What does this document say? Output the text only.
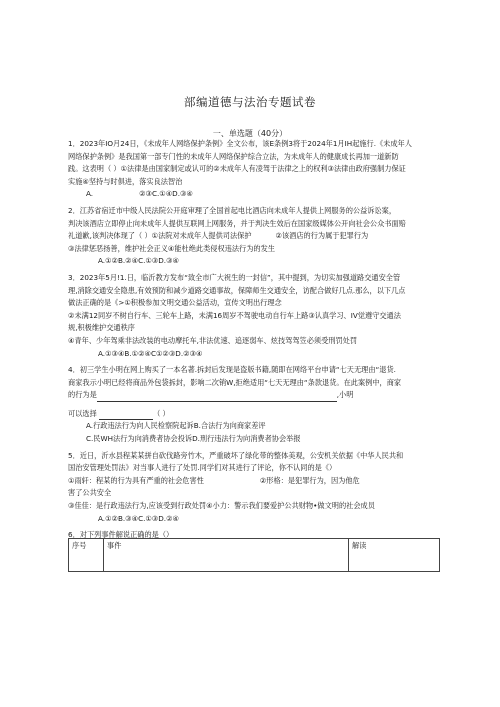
部编道德与法治专题试卷
一、单选题（40分）
1．2023年IO月24日，《未成年人网络保护条例》全文公布，该E条例3将于2024年1月IH起施行.《未成年人
网络保护条例》是我国第一部专门性的未成年人网络保护综合立法，为未成年人的健康成长再加一道新防
践。这表明（ ）①法律是由国家制定或认可的②未成年人有凌驾于法律之上的权利③法律由政府强制力保证
实施④坚持与时俱进，落实良法智治
A.	②③C.①④D.③④
2．江苏省宿迁市中级人民法院公开庭审理了全国首起电比酒店向未成年人提供上网服务的公益诉讼案，
判决该酒店立即停止向未成年人提供互联网上网服务，并于判决生效后在国家级媒体公开向社会公众书面赔
礼道歉,该判决体现了（ ）①法院对未成年人提供司法保护	②该酒店的行为属于犯罪行为
③法律惩恶扬善，维护社会正义④能杜绝此类侵权违法行为的发生
A.①②B.②④C.①③D.③④
3．2023年5月!1.日，临沂教方发布“致全市广大祝生的一封信”，其中提到，为切实加强道路交通安全管
理,消除交通安全隐患,有效预防和减少道路交通事故，保障师生交通安全，访配合做好几点.那么，以下几点
做法正确的是《>①积极参加文明交通公益活动，宣传文明出行理念
②未满12同岁不树自行车、三轮车上路，未满16周岁不驾驶电动自行车上路③认真学习、IV觉遵守交通法
规,积极维护交通秩序
④青年、少年驾乘非法改装的电动摩托车,非法优速、追逐弱车、炫技驾驾笠必须受刑罚处罚
A.①③④B.①②④C①②③D.②③④
4．初三学生小明在网上购买了一本名著.拆封后发现是盗版书籍,随即在网络平台申请“七天无理由“退货.
商家我示小明已经将商品外包袋拆封，影响二次销W,拒绝适用“七天无理由“条款退货。在此案例中，商家
的行为是	,小明
可以选择	（ ）
A.行政违法行为向人民检察院起诉B.合法行为向商家差评
C.民WH法行为向消费者协会投诉D.刑行违法行为向消费者协会举报
5．近日，沂水县程某某拼自砍伐路旁竹木，严重破坏了绿化带的整体美观，公安机关依据《中华人民共和
国治安管理处罚法》对当事人进行了处罚.同学们对其进行了评论，你不认同的是《）
①雨轩：程某的行为具有严重的社会危害性	②形格：是犯罪行为，因为他危
害了公共安全
③佳佳：是行政违法行为,应该受到行政处罚④小力：警示我们要爱护公共财物•做文明的社会成员
A.①②B.③④C.①③D.②④
6．对下列事件解说正确的是（）
序号	事件	解读
